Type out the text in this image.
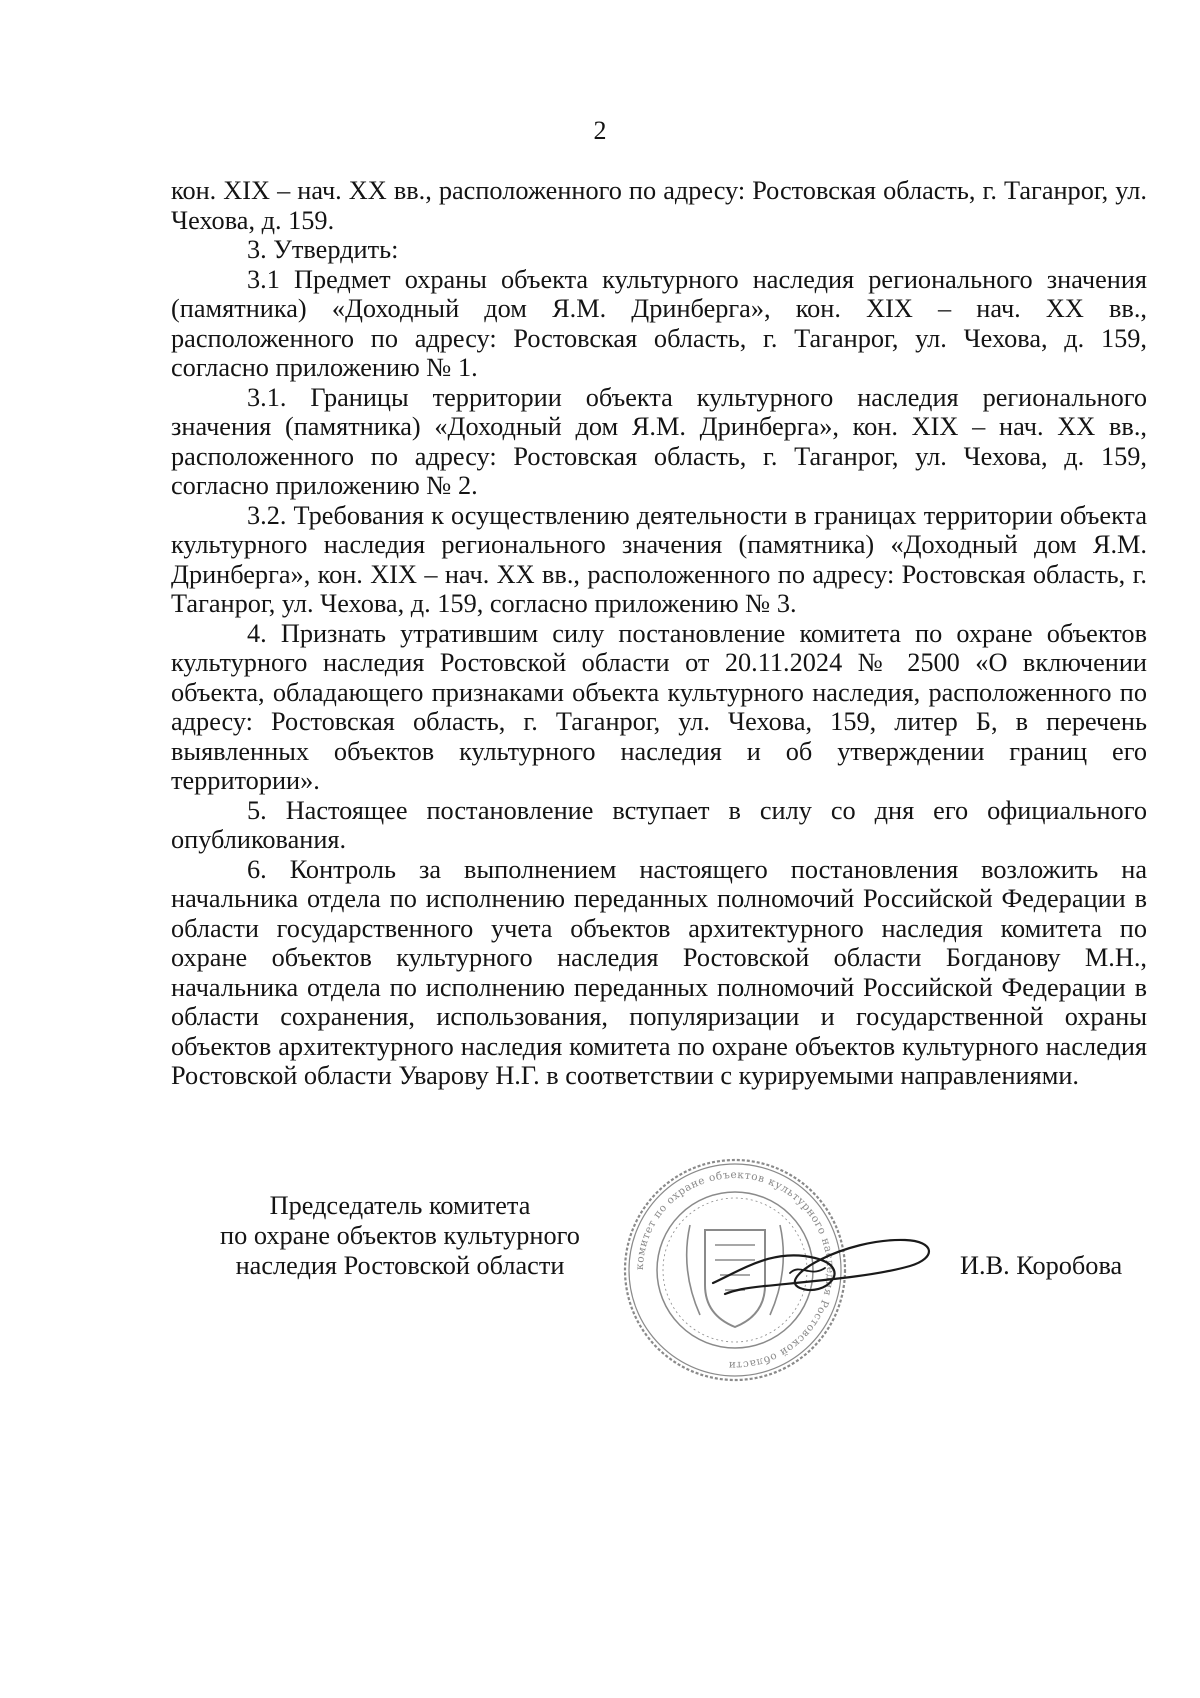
2

кон. XIX – нач. XX вв., расположенного по адресу: Ростовская область, г. Таганрог, ул. Чехова, д. 159.

3. Утвердить:

3.1 Предмет охраны объекта культурного наследия регионального значения (памятника) «Доходный дом Я.М. Дринберга», кон. XIX – нач. XX вв., расположенного по адресу: Ростовская область, г. Таганрог, ул. Чехова, д. 159, согласно приложению № 1.

3.1. Границы территории объекта культурного наследия регионального значения (памятника) «Доходный дом Я.М. Дринберга», кон. XIX – нач. XX вв., расположенного по адресу: Ростовская область, г. Таганрог, ул. Чехова, д. 159, согласно приложению № 2.

3.2. Требования к осуществлению деятельности в границах территории объекта культурного наследия регионального значения (памятника) «Доходный дом Я.М. Дринберга», кон. XIX – нач. XX вв., расположенного по адресу: Ростовская область, г. Таганрог, ул. Чехова, д. 159, согласно приложению № 3.

4. Признать утратившим силу постановление комитета по охране объектов культурного наследия Ростовской области от 20.11.2024 № 2500 «О включении объекта, обладающего признаками объекта культурного наследия, расположенного по адресу: Ростовская область, г. Таганрог, ул. Чехова, 159, литер Б, в перечень выявленных объектов культурного наследия и об утверждении границ его территории».

5. Настоящее постановление вступает в силу со дня его официального опубликования.

6. Контроль за выполнением настоящего постановления возложить на начальника отдела по исполнению переданных полномочий Российской Федерации в области государственного учета объектов архитектурного наследия комитета по охране объектов культурного наследия Ростовской области Богданову М.Н., начальника отдела по исполнению переданных полномочий Российской Федерации в области сохранения, использования, популяризации и государственной охраны объектов архитектурного наследия комитета по охране объектов культурного наследия Ростовской области Уварову Н.Г. в соответствии с курируемыми направлениями.

Председатель комитета
по охране объектов культурного
наследия Ростовской области	комитет по охране объектов культурного наследия Ростовской области
И.В. Коробова
